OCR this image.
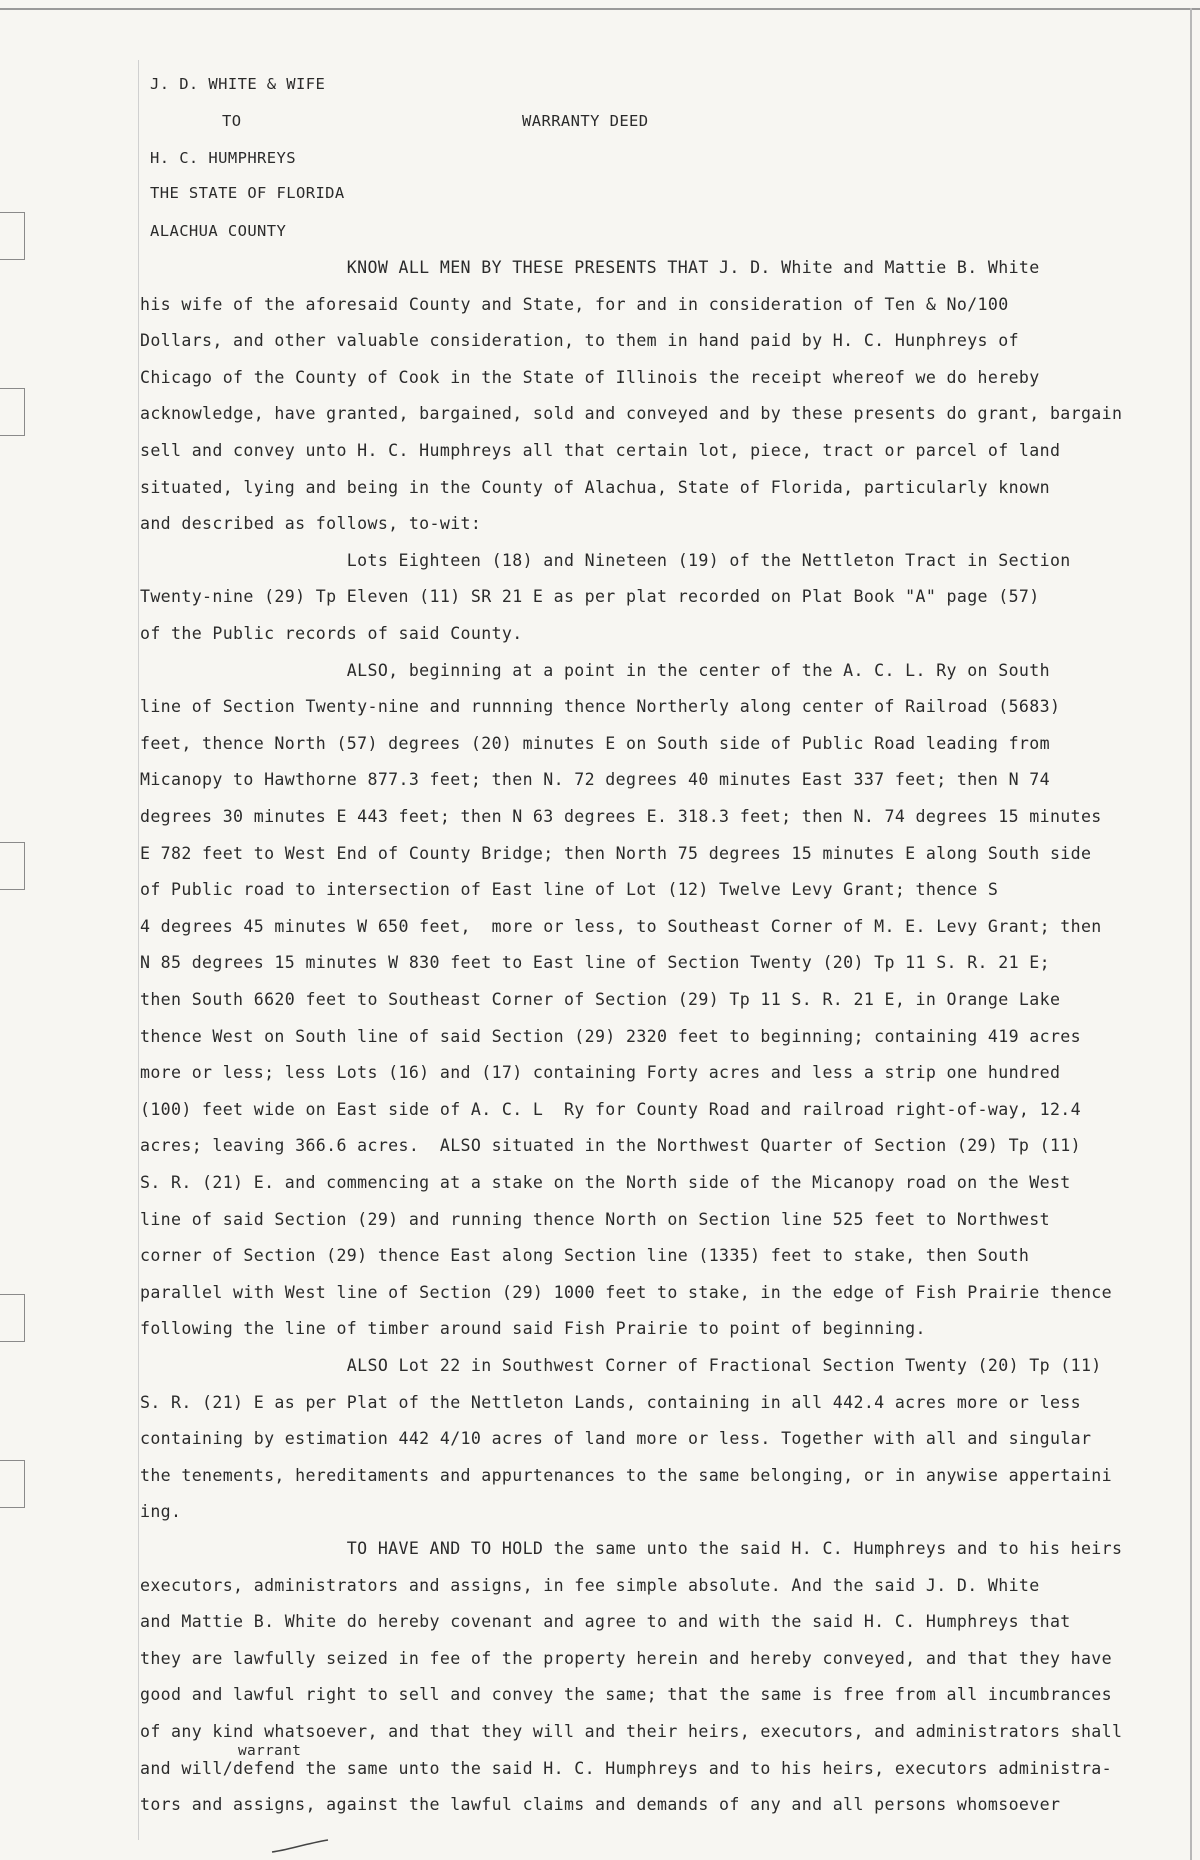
J. D. WHITE & WIFE
TO	WARRANTY DEED
H. C. HUMPHREYS
THE STATE OF FLORIDA
ALACHUA COUNTY
KNOW ALL MEN BY THESE PRESENTS THAT J. D. White and Mattie B. White
his wife of the aforesaid County and State, for and in consideration of Ten & No/100
Dollars, and other valuable consideration, to them in hand paid by H. C. Hunphreys of
Chicago of the County of Cook in the State of Illinois the receipt whereof we do hereby
acknowledge, have granted, bargained, sold and conveyed and by these presents do grant, bargain
sell and convey unto H. C. Humphreys all that certain lot, piece, tract or parcel of land
situated, lying and being in the County of Alachua, State of Florida, particularly known
and described as follows, to-wit:
Lots Eighteen (18) and Nineteen (19) of the Nettleton Tract in Section
Twenty-nine (29) Tp Eleven (11) SR 21 E as per plat recorded on Plat Book "A" page (57)
of the Public records of said County.
ALSO, beginning at a point in the center of the A. C. L. Ry on South
line of Section Twenty-nine and runnning thence Northerly along center of Railroad (5683)
feet, thence North (57) degrees (20) minutes E on South side of Public Road leading from
Micanopy to Hawthorne 877.3 feet; then N. 72 degrees 40 minutes East 337 feet; then N 74
degrees 30 minutes E 443 feet; then N 63 degrees E. 318.3 feet; then N. 74 degrees 15 minutes
E 782 feet to West End of County Bridge; then North 75 degrees 15 minutes E along South side
of Public road to intersection of East line of Lot (12) Twelve Levy Grant; thence S
4 degrees 45 minutes W 650 feet,  more or less, to Southeast Corner of M. E. Levy Grant; then
N 85 degrees 15 minutes W 830 feet to East line of Section Twenty (20) Tp 11 S. R. 21 E;
then South 6620 feet to Southeast Corner of Section (29) Tp 11 S. R. 21 E, in Orange Lake
thence West on South line of said Section (29) 2320 feet to beginning; containing 419 acres
more or less; less Lots (16) and (17) containing Forty acres and less a strip one hundred
(100) feet wide on East side of A. C. L  Ry for County Road and railroad right-of-way, 12.4
acres; leaving 366.6 acres.  ALSO situated in the Northwest Quarter of Section (29) Tp (11)
S. R. (21) E. and commencing at a stake on the North side of the Micanopy road on the West
line of said Section (29) and running thence North on Section line 525 feet to Northwest
corner of Section (29) thence East along Section line (1335) feet to stake, then South
parallel with West line of Section (29) 1000 feet to stake, in the edge of Fish Prairie thence
following the line of timber around said Fish Prairie to point of beginning.
ALSO Lot 22 in Southwest Corner of Fractional Section Twenty (20) Tp (11)
S. R. (21) E as per Plat of the Nettleton Lands, containing in all 442.4 acres more or less
containing by estimation 442 4/10 acres of land more or less. Together with all and singular
the tenements, hereditaments and appurtenances to the same belonging, or in anywise appertaini
ing.
TO HAVE AND TO HOLD the same unto the said H. C. Humphreys and to his heirs
executors, administrators and assigns, in fee simple absolute. And the said J. D. White
and Mattie B. White do hereby covenant and agree to and with the said H. C. Humphreys that
they are lawfully seized in fee of the property herein and hereby conveyed, and that they have
good and lawful right to sell and convey the same; that the same is free from all incumbrances
of any kind whatsoever, and that they will and their heirs, executors, and administrators shall
and will/defend the same unto the said H. C. Humphreys and to his heirs, executors administra-
tors and assigns, against the lawful claims and demands of any and all persons whomsoever
warrant
